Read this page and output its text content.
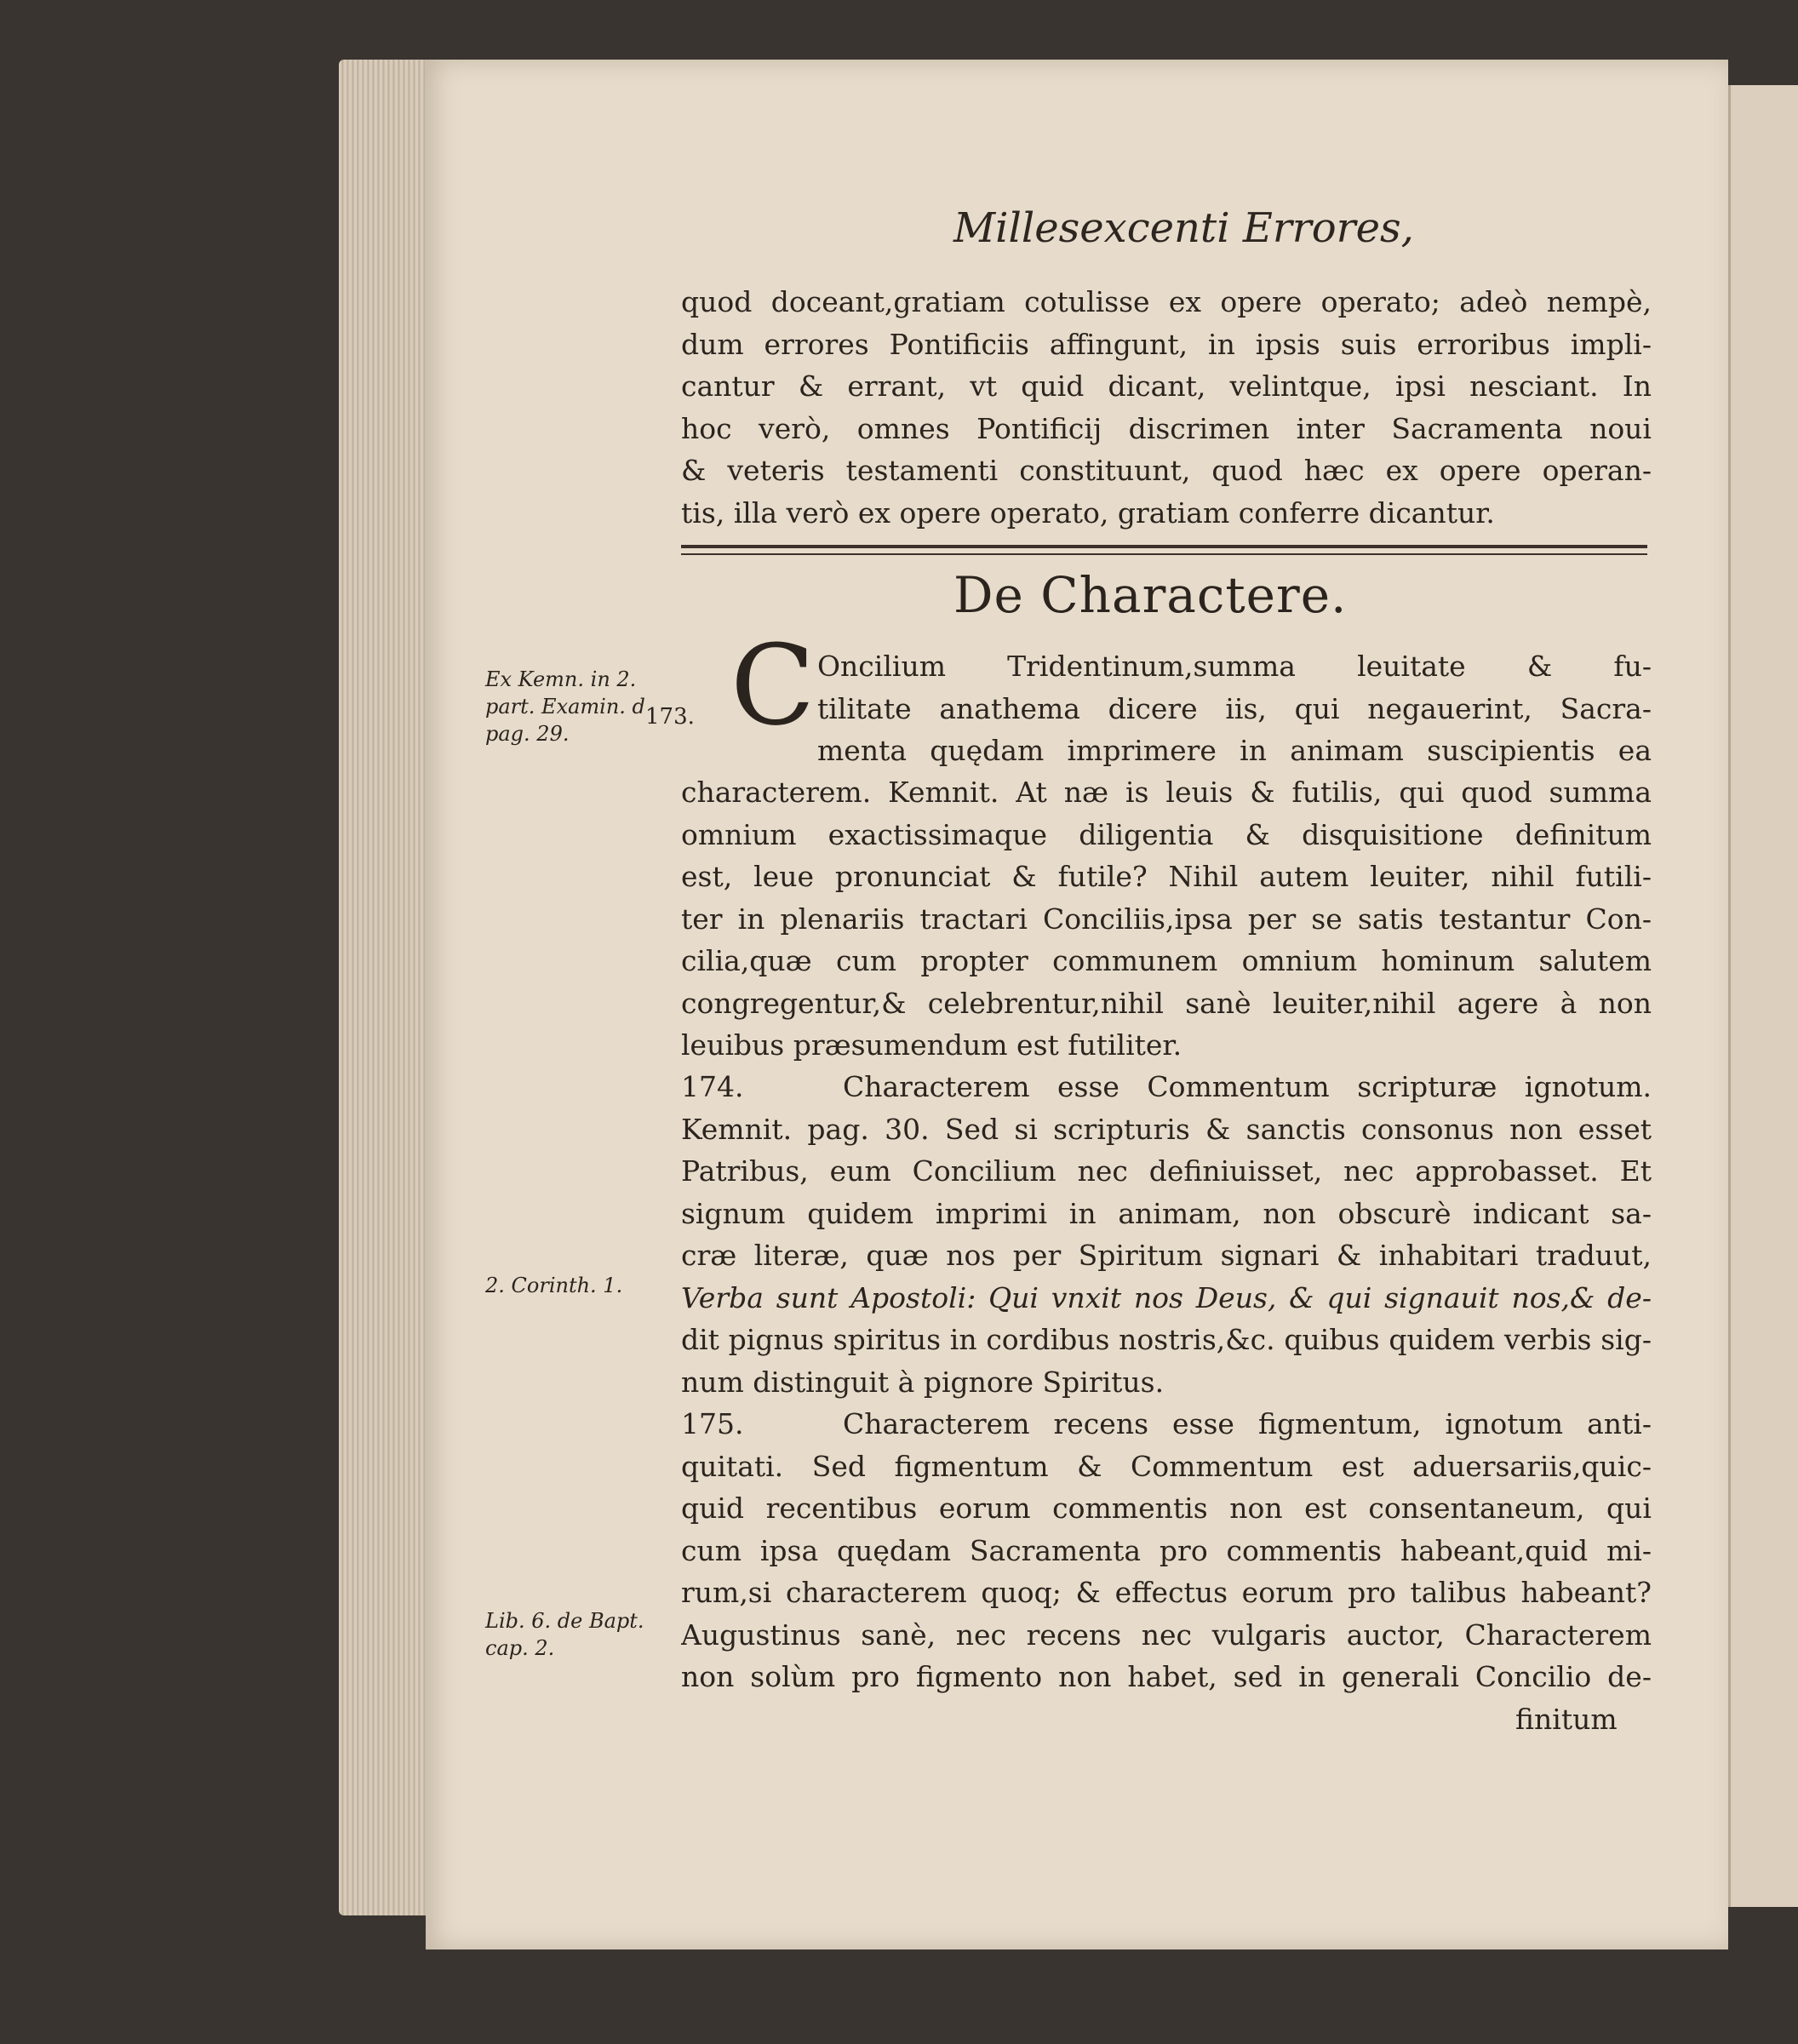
Millesexcenti Errores,
quod doceant,gratiam cotulisse ex opere operato; adeò nempè,
dum errores Pontificiis affingunt, in ipsis suis erroribus impli-
cantur & errant, vt quid dicant, velintque, ipsi nesciant. In
hoc verò, omnes Pontificij discrimen inter Sacramenta noui
& veteris testamenti constituunt, quod hæc ex opere operan-
tis, illa verò ex opere operato, gratiam conferre dicantur.
De Charactere.
C
173.
Oncilium Tridentinum,summa leuitate & fu-
tilitate anathema dicere iis, qui negauerint, Sacra-
menta quędam imprimere in animam suscipientis ea
characterem. Kemnit. At næ is leuis & futilis, qui quod summa
omnium exactissimaque diligentia & disquisitione definitum
est, leue pronunciat & futile? Nihil autem leuiter, nihil futili-
ter in plenariis tractari Conciliis,ipsa per se satis testantur Con-
cilia,quæ cum propter communem omnium hominum salutem
congregentur,& celebrentur,nihil sanè leuiter,nihil agere à non
leuibus præsumendum est futiliter.
174.	Characterem esse Commentum scripturæ ignotum.
Kemnit. pag. 30. Sed si scripturis & sanctis consonus non esset
Patribus, eum Concilium nec definiuisset, nec approbasset. Et
signum quidem imprimi in animam, non obscurè indicant sa-
cræ literæ, quæ nos per Spiritum signari & inhabitari traduut,
Verba sunt Apostoli: Qui vnxit nos Deus, & qui signauit nos,& de-
dit pignus spiritus in cordibus nostris,&c. quibus quidem verbis sig-
num distinguit à pignore Spiritus.
175.	Characterem recens esse figmentum, ignotum anti-
quitati. Sed figmentum & Commentum est aduersariis,quic-
quid recentibus eorum commentis non est consentaneum, qui
cum ipsa quędam Sacramenta pro commentis habeant,quid mi-
rum,si characterem quoq; & effectus eorum pro talibus habeant?
Augustinus sanè, nec recens nec vulgaris auctor, Characterem
non solùm pro figmento non habet, sed in generali Concilio de-
finitum
Ex Kemn. in 2.
part. Examin. d
pag. 29.
2. Corinth. 1.
Lib. 6. de Bapt.
cap. 2.
